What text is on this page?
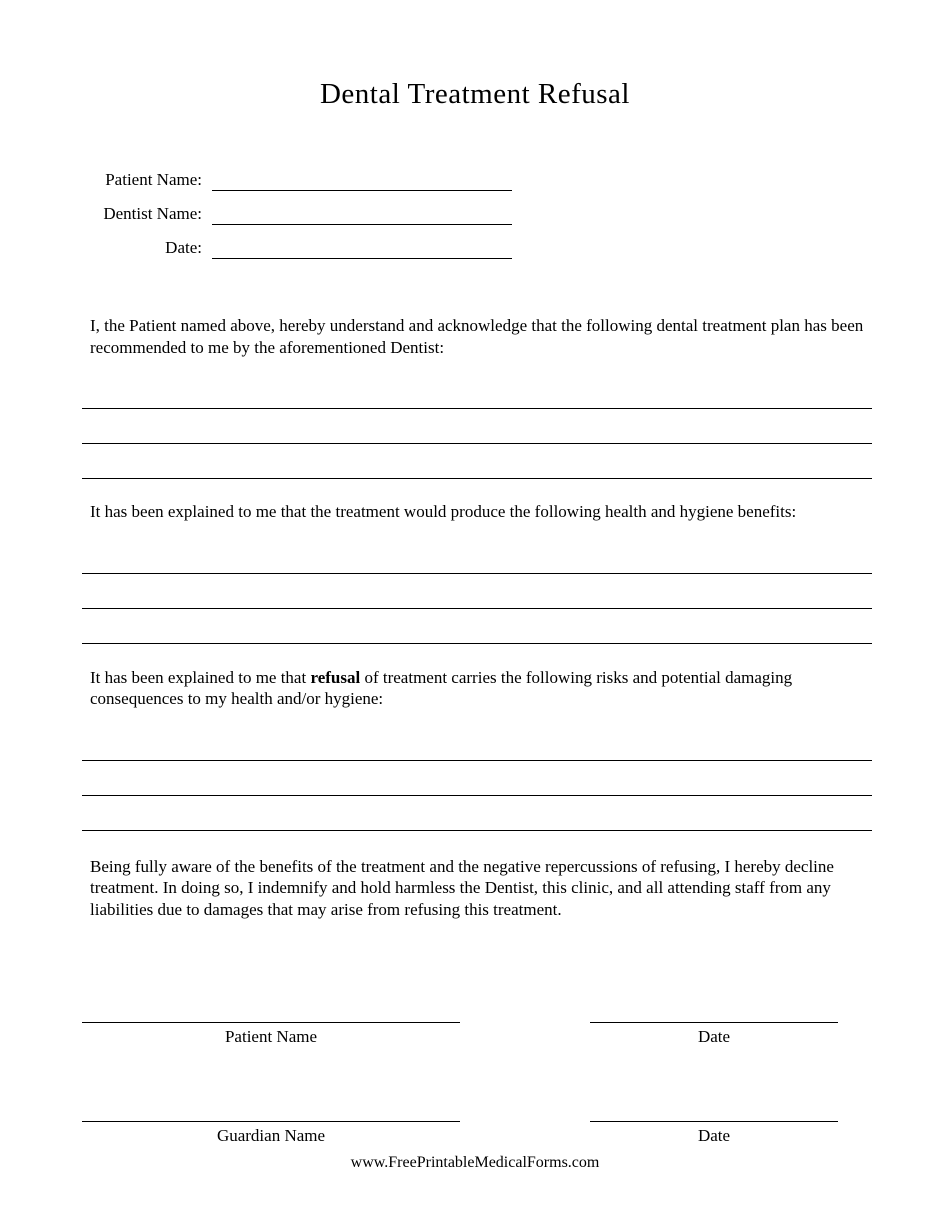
Dental Treatment Refusal
Patient Name:
Dentist Name:
Date:

I, the Patient named above, hereby understand and acknowledge that the following dental treatment plan has been recommended to me by the aforementioned Dentist:

It has been explained to me that the treatment would produce the following health and hygiene benefits:

It has been explained to me that refusal of treatment carries the following risks and potential damaging consequences to my health and/or hygiene:

Being fully aware of the benefits of the treatment and the negative repercussions of refusing, I hereby decline treatment. In doing so, I indemnify and hold harmless the Dentist, this clinic, and all attending staff from any liabilities due to damages that may arise from refusing this treatment.

Patient Name	Date
Guardian Name	Date
www.FreePrintableMedicalForms.com
